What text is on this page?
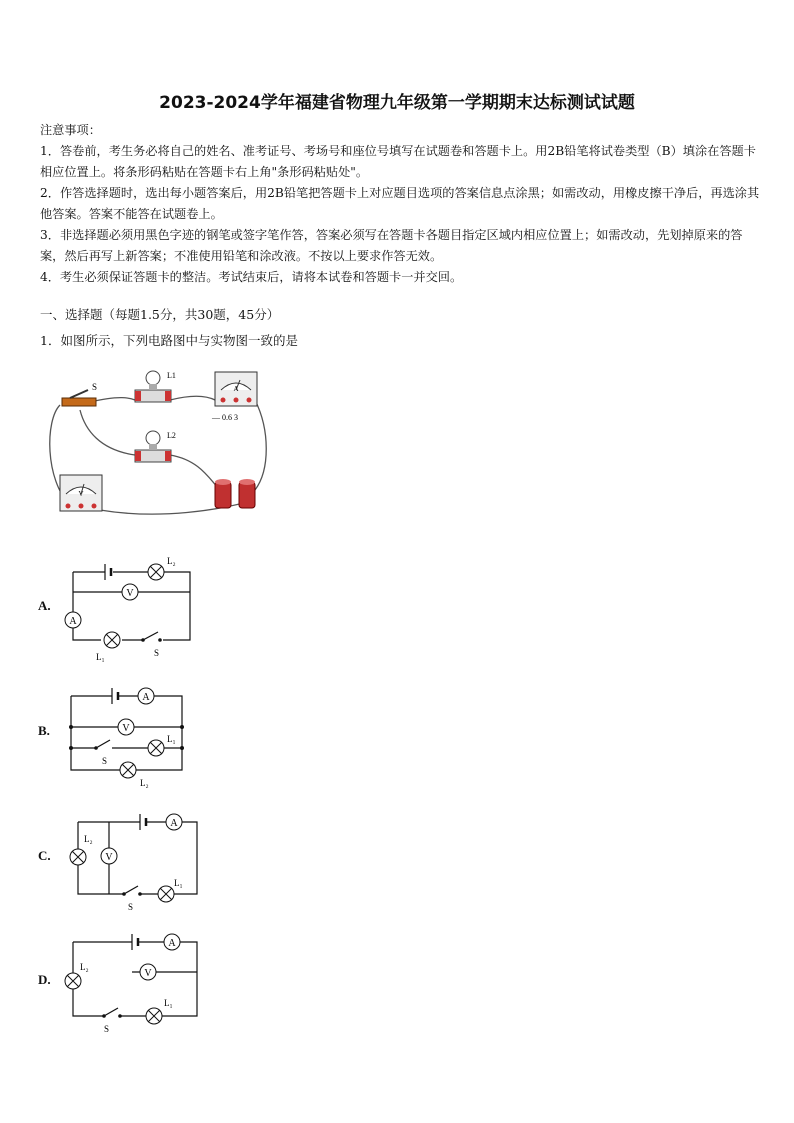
2023-2024学年福建省物理九年级第一学期期末达标测试试题

注意事项：

1．答卷前，考生务必将自己的姓名、准考证号、考场号和座位号填写在试题卷和答题卡上。用2B铅笔将试卷类型（B）填涂在答题卡相应位置上。将条形码粘贴在答题卡右上角"条形码粘贴处"。

2．作答选择题时，选出每小题答案后，用2B铅笔把答题卡上对应题目选项的答案信息点涂黑；如需改动，用橡皮擦干净后，再选涂其他答案。答案不能答在试题卷上。

3．非选择题必须用黑色字迹的钢笔或签字笔作答，答案必须写在答题卡各题目指定区域内相应位置上；如需改动，先划掉原来的答案，然后再写上新答案；不准使用铅笔和涂改液。不按以上要求作答无效。

4．考生必须保证答题卡的整洁。考试结束后，请将本试卷和答题卡一并交回。

一、选择题（每题1.5分，共30题，45分）
1．如图所示，下列电路图中与实物图一致的是
S
L1
L2
A
— 0.6 3
V
A.
V
A
L₂
L₁	S
B.
A
V
L₁
L₂
S
C.
A
V
L₂
L₁
S
D.
A
V
L₂
L₁
S
